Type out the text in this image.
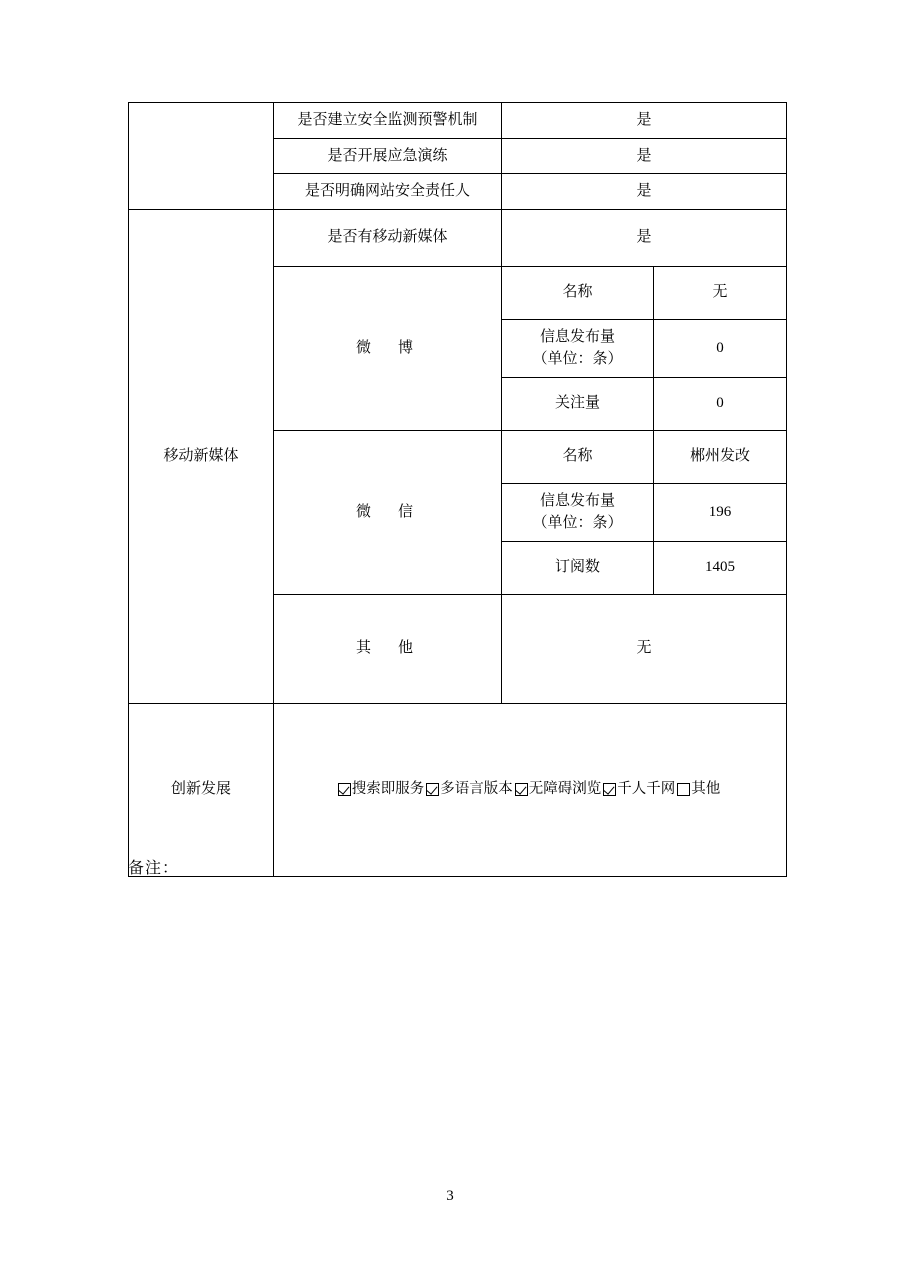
	是否建立安全监测预警机制	是	
	是否开展应急演练	是	
	是否明确网站安全责任人	是	
移动新媒体	是否有移动新媒体	是	
	微　博	名称	无

		信息发布量
（单位：条）	0
		关注量	0
	微　信	名称	郴州发改

		信息发布量
（单位：条）	196
		订阅数	1405
	其　他	无	
创新发展	搜索即服务 多语言版本 无障碍浏览 千人千网 其他		
备注：
3
